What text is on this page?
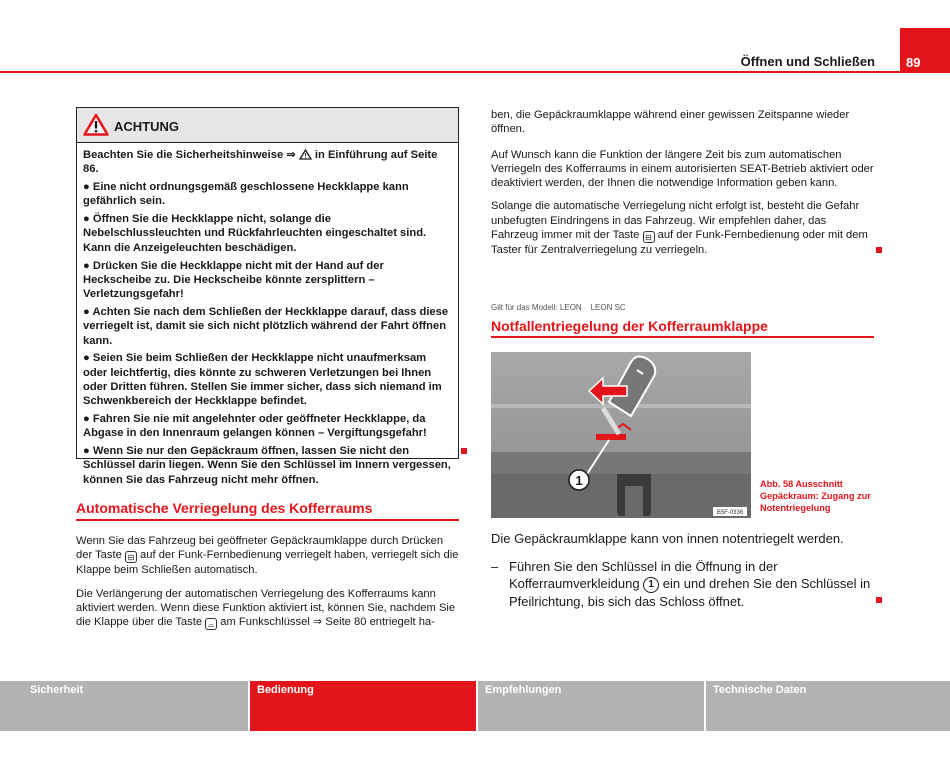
Öffnen und Schließen	89
ACHTUNG

Beachten Sie die Sicherheitshinweise ⇒  in Einführung auf Seite 86.

● Eine nicht ordnungsgemäß geschlossene Heckklappe kann gefährlich sein.

● Öffnen Sie die Heckklappe nicht, solange die Nebelschlussleuchten und Rückfahrleuchten eingeschaltet sind. Kann die Anzeigeleuchten beschädigen.

● Drücken Sie die Heckklappe nicht mit der Hand auf der Heckscheibe zu. Die Heckscheibe könnte zersplittern – Verletzungsgefahr!

● Achten Sie nach dem Schließen der Heckklappe darauf, dass diese verriegelt ist, damit sie sich nicht plötzlich während der Fahrt öffnen kann.

● Seien Sie beim Schließen der Heckklappe nicht unaufmerksam oder leichtfertig, dies könnte zu schweren Verletzungen bei Ihnen oder Dritten führen. Stellen Sie immer sicher, dass sich niemand im Schwenkbereich der Heckklappe befindet.

● Fahren Sie nie mit angelehnter oder geöffneter Heckklappe, da Abgase in den Innenraum gelangen können – Vergiftungsgefahr!

● Wenn Sie nur den Gepäckraum öffnen, lassen Sie nicht den Schlüssel darin liegen. Wenn Sie den Schlüssel im Innern vergessen, können Sie das Fahrzeug nicht mehr öffnen.

Automatische Verriegelung des Kofferraums

Wenn Sie das Fahrzeug bei geöffneter Gepäckraumklappe durch Drücken der Taste ⊟ auf der Funk-Fernbedienung verriegelt haben, verriegelt sich die Klappe beim Schließen automatisch.

Die Verlängerung der automatischen Verriegelung des Kofferraums kann aktiviert werden. Wenn diese Funktion aktiviert ist, können Sie, nachdem Sie die Klappe über die Taste ⌓ am Funkschlüssel ⇒ Seite 80 entriegelt ha-

ben, die Gepäckraumklappe während einer gewissen Zeitspanne wieder öffnen.

Auf Wunsch kann die Funktion der längere Zeit bis zum automatischen Verriegeln des Kofferraums in einem autorisierten SEAT-Betrieb aktiviert oder deaktiviert werden, der Ihnen die notwendige Information geben kann.

Solange die automatische Verriegelung nicht erfolgt ist, besteht die Gefahr unbefugten Eindringens in das Fahrzeug. Wir empfehlen daher, das Fahrzeug immer mit der Taste ⊟ auf der Funk-Fernbedienung oder mit dem Taster für Zentralverriegelung zu verriegeln.

Gilt für das Modell: LEON    LEON SC
Notfallentriegelung der Kofferraumklappe
1
B5F-0336
Abb. 58 Ausschnitt Gepäckraum: Zugang zur Notentriegelung

Die Gepäckraumklappe kann von innen notentriegelt werden.

– Führen Sie den Schlüssel in die Öffnung in der Kofferraumverkleidung 1 ein und drehen Sie den Schlüssel in Pfeilrichtung, bis sich das Schloss öffnet.
Sicherheit	Bedienung	Empfehlungen	Technische Daten
